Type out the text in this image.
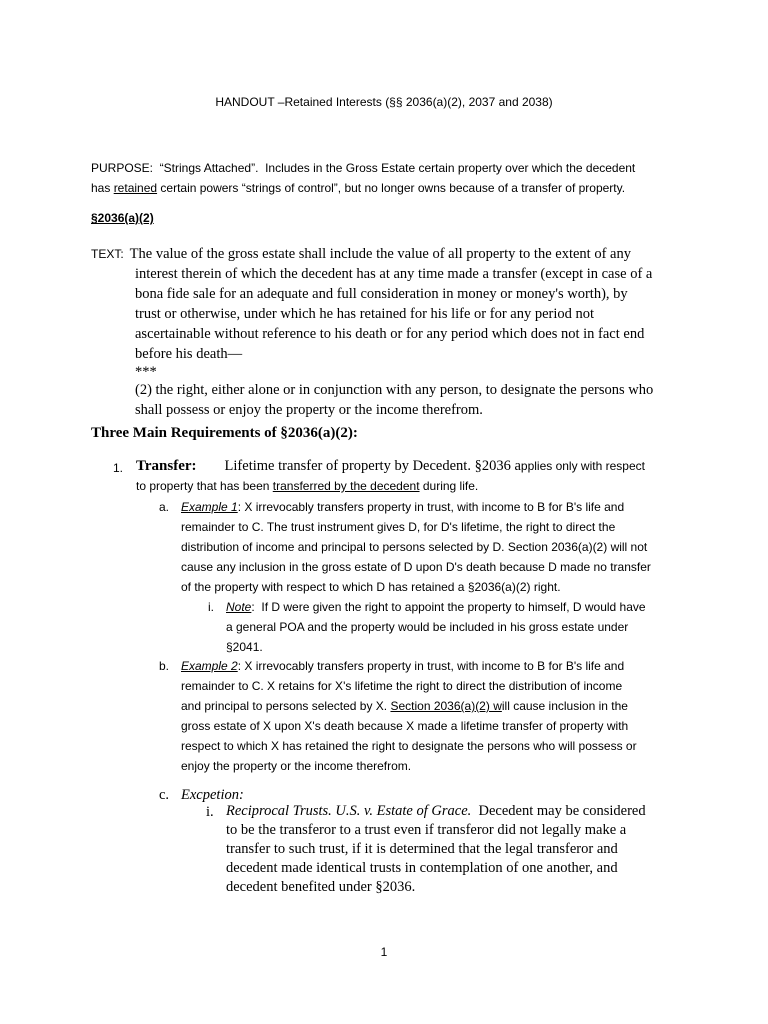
HANDOUT –Retained Interests (§§ 2036(a)(2), 2037 and 2038)
PURPOSE:  “Strings Attached”.  Includes in the Gross Estate certain property over which the decedent
has retained certain powers “strings of control”, but no longer owns because of a transfer of property.
§2036(a)(2)
TEXT: The value of the gross estate shall include the value of all property to the extent of any
interest therein of which the decedent has at any time made a transfer (except in case of a
bona fide sale for an adequate and full consideration in money or money's worth), by
trust or otherwise, under which he has retained for his life or for any period not
ascertainable without reference to his death or for any period which does not in fact end
before his death—
***
(2) the right, either alone or in conjunction with any person, to designate the persons who
shall possess or enjoy the property or the income therefrom.
Three Main Requirements of §2036(a)(2):
1. Transfer: Lifetime transfer of property by Decedent. §2036 applies only with respect
to property that has been transferred by the decedent during life.
a. Example 1: X irrevocably transfers property in trust, with income to B for B's life and
remainder to C. The trust instrument gives D, for D's lifetime, the right to direct the
distribution of income and principal to persons selected by D. Section 2036(a)(2) will not
cause any inclusion in the gross estate of D upon D's death because D made no transfer
of the property with respect to which D has retained a §2036(a)(2) right.
i. Note:  If D were given the right to appoint the property to himself, D would have
a general POA and the property would be included in his gross estate under
§2041.
b. Example 2: X irrevocably transfers property in trust, with income to B for B's life and
remainder to C. X retains for X's lifetime the right to direct the distribution of income
and principal to persons selected by X. Section 2036(a)(2) will cause inclusion in the
gross estate of X upon X's death because X made a lifetime transfer of property with
respect to which X has retained the right to designate the persons who will possess or
enjoy the property or the income therefrom.
c. Excpetion:
i. Reciprocal Trusts. U.S. v. Estate of Grace.  Decedent may be considered
to be the transferor to a trust even if transferor did not legally make a
transfer to such trust, if it is determined that the legal transferor and
decedent made identical trusts in contemplation of one another, and
decedent benefited under §2036.
1
